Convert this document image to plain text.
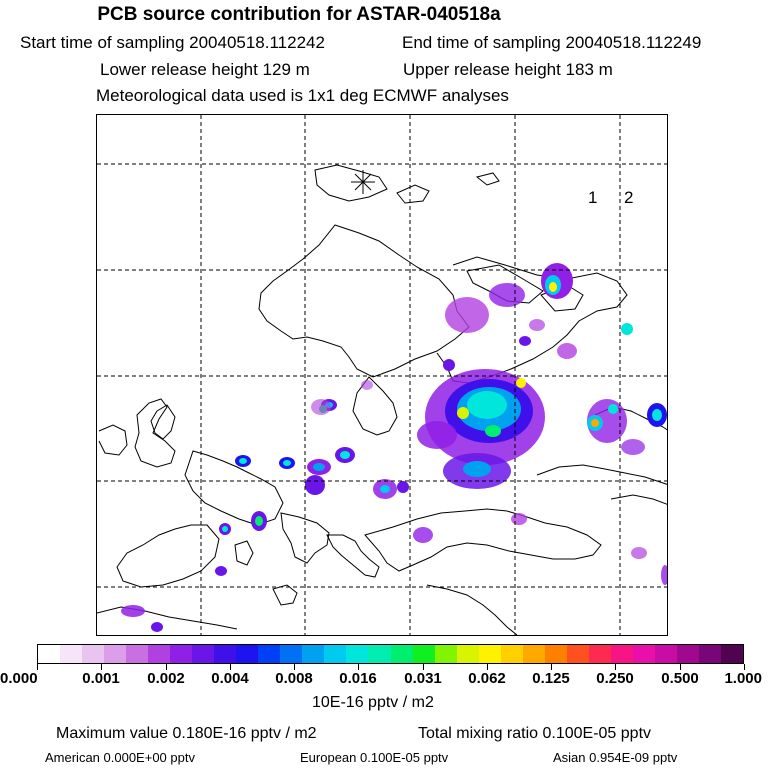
PCB source contribution for ASTAR-040518a
Start time of sampling 20040518.112242	End time of sampling 20040518.112249
Lower release height 129 m	Upper release height 183 m
Meteorological data used is 1x1 deg ECMWF analyses
1 2
0.000	0.001 0.002 0.004 0.008 0.016 0.031 0.062 0.125 0.250 0.500 1.000
10E-16 pptv / m2
Maximum value 0.180E-16 pptv / m2	Total mixing ratio 0.100E-05 pptv
American 0.000E+00 pptv	European 0.100E-05 pptv	Asian 0.954E-09 pptv
